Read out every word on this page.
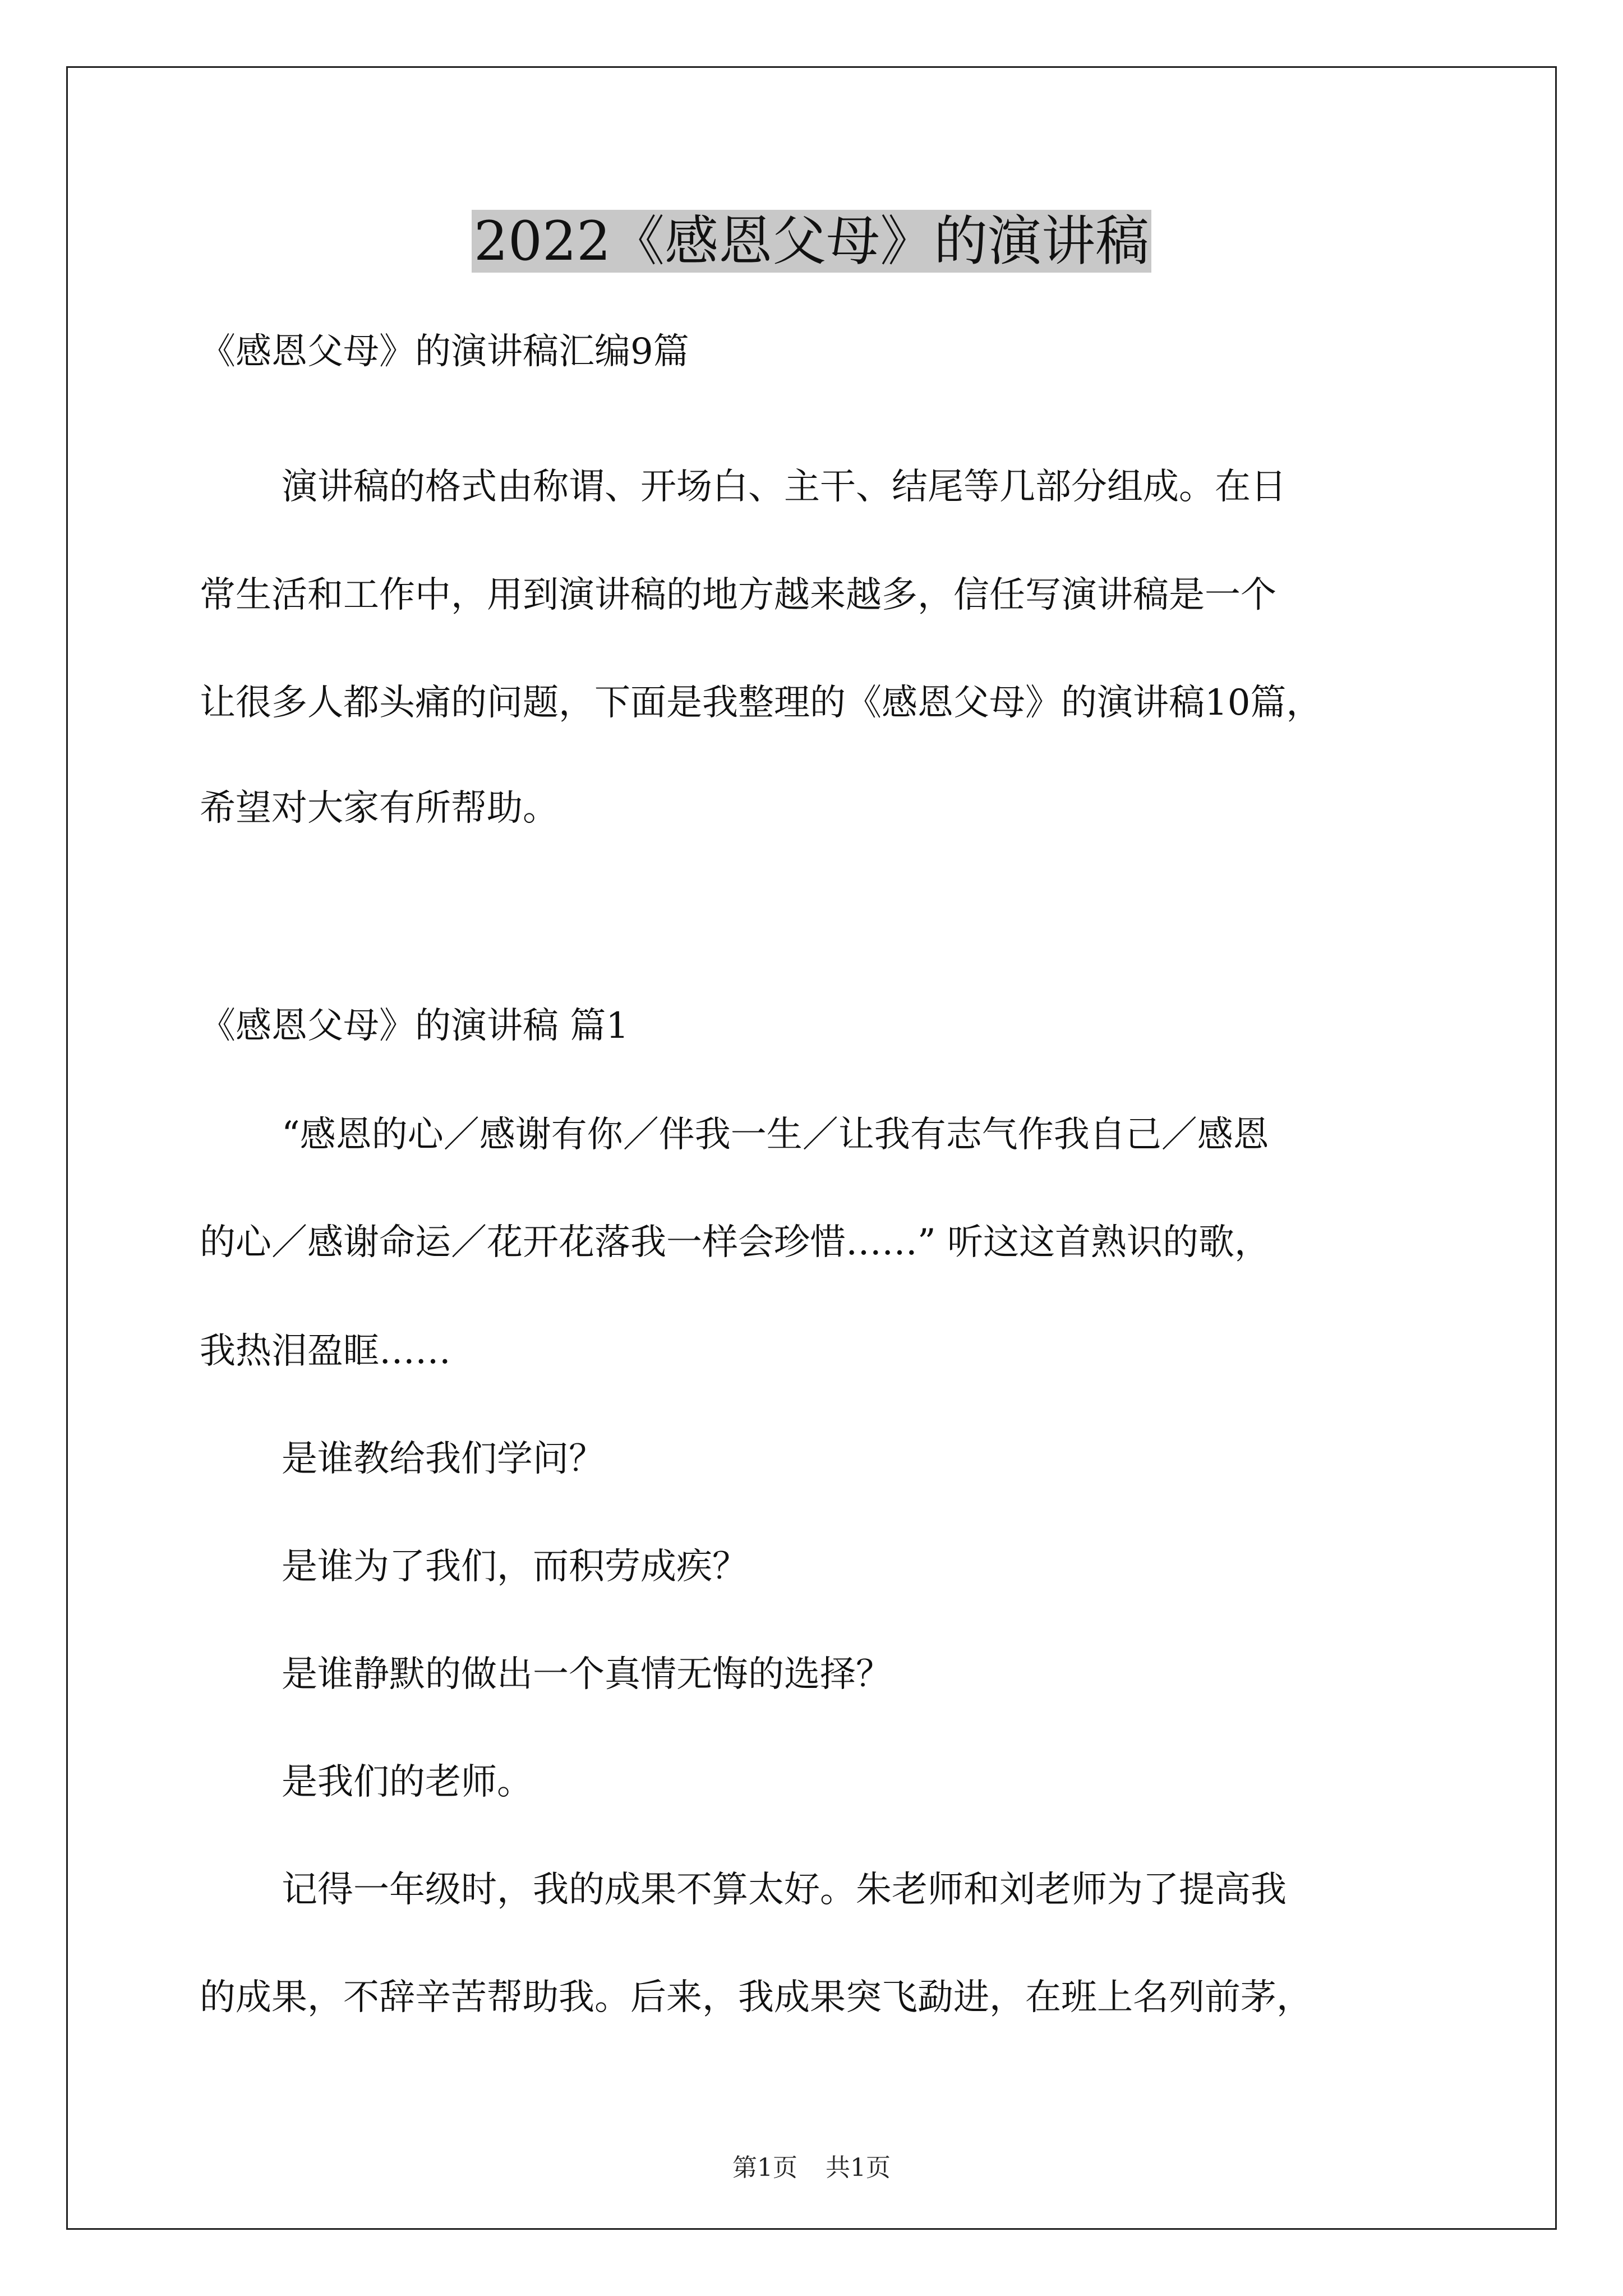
2022《感恩父母》的演讲稿
《感恩父母》的演讲稿汇编9篇
演讲稿的格式由称谓、开场白、主干、结尾等几部分组成。在日
常生活和工作中，用到演讲稿的地方越来越多，信任写演讲稿是一个
让很多人都头痛的问题，下面是我整理的《感恩父母》的演讲稿10篇，
希望对大家有所帮助。
《感恩父母》的演讲稿 篇1
“感恩的心／感谢有你／伴我一生／让我有志气作我自己／感恩
的心／感谢命运／花开花落我一样会珍惜……” 听这这首熟识的歌，
我热泪盈眶……
是谁教给我们学问？
是谁为了我们，而积劳成疾？
是谁静默的做出一个真情无悔的选择？
是我们的老师。
记得一年级时，我的成果不算太好。朱老师和刘老师为了提高我
的成果，不辞辛苦帮助我。后来，我成果突飞勐进，在班上名列前茅，
第1页 共1页
